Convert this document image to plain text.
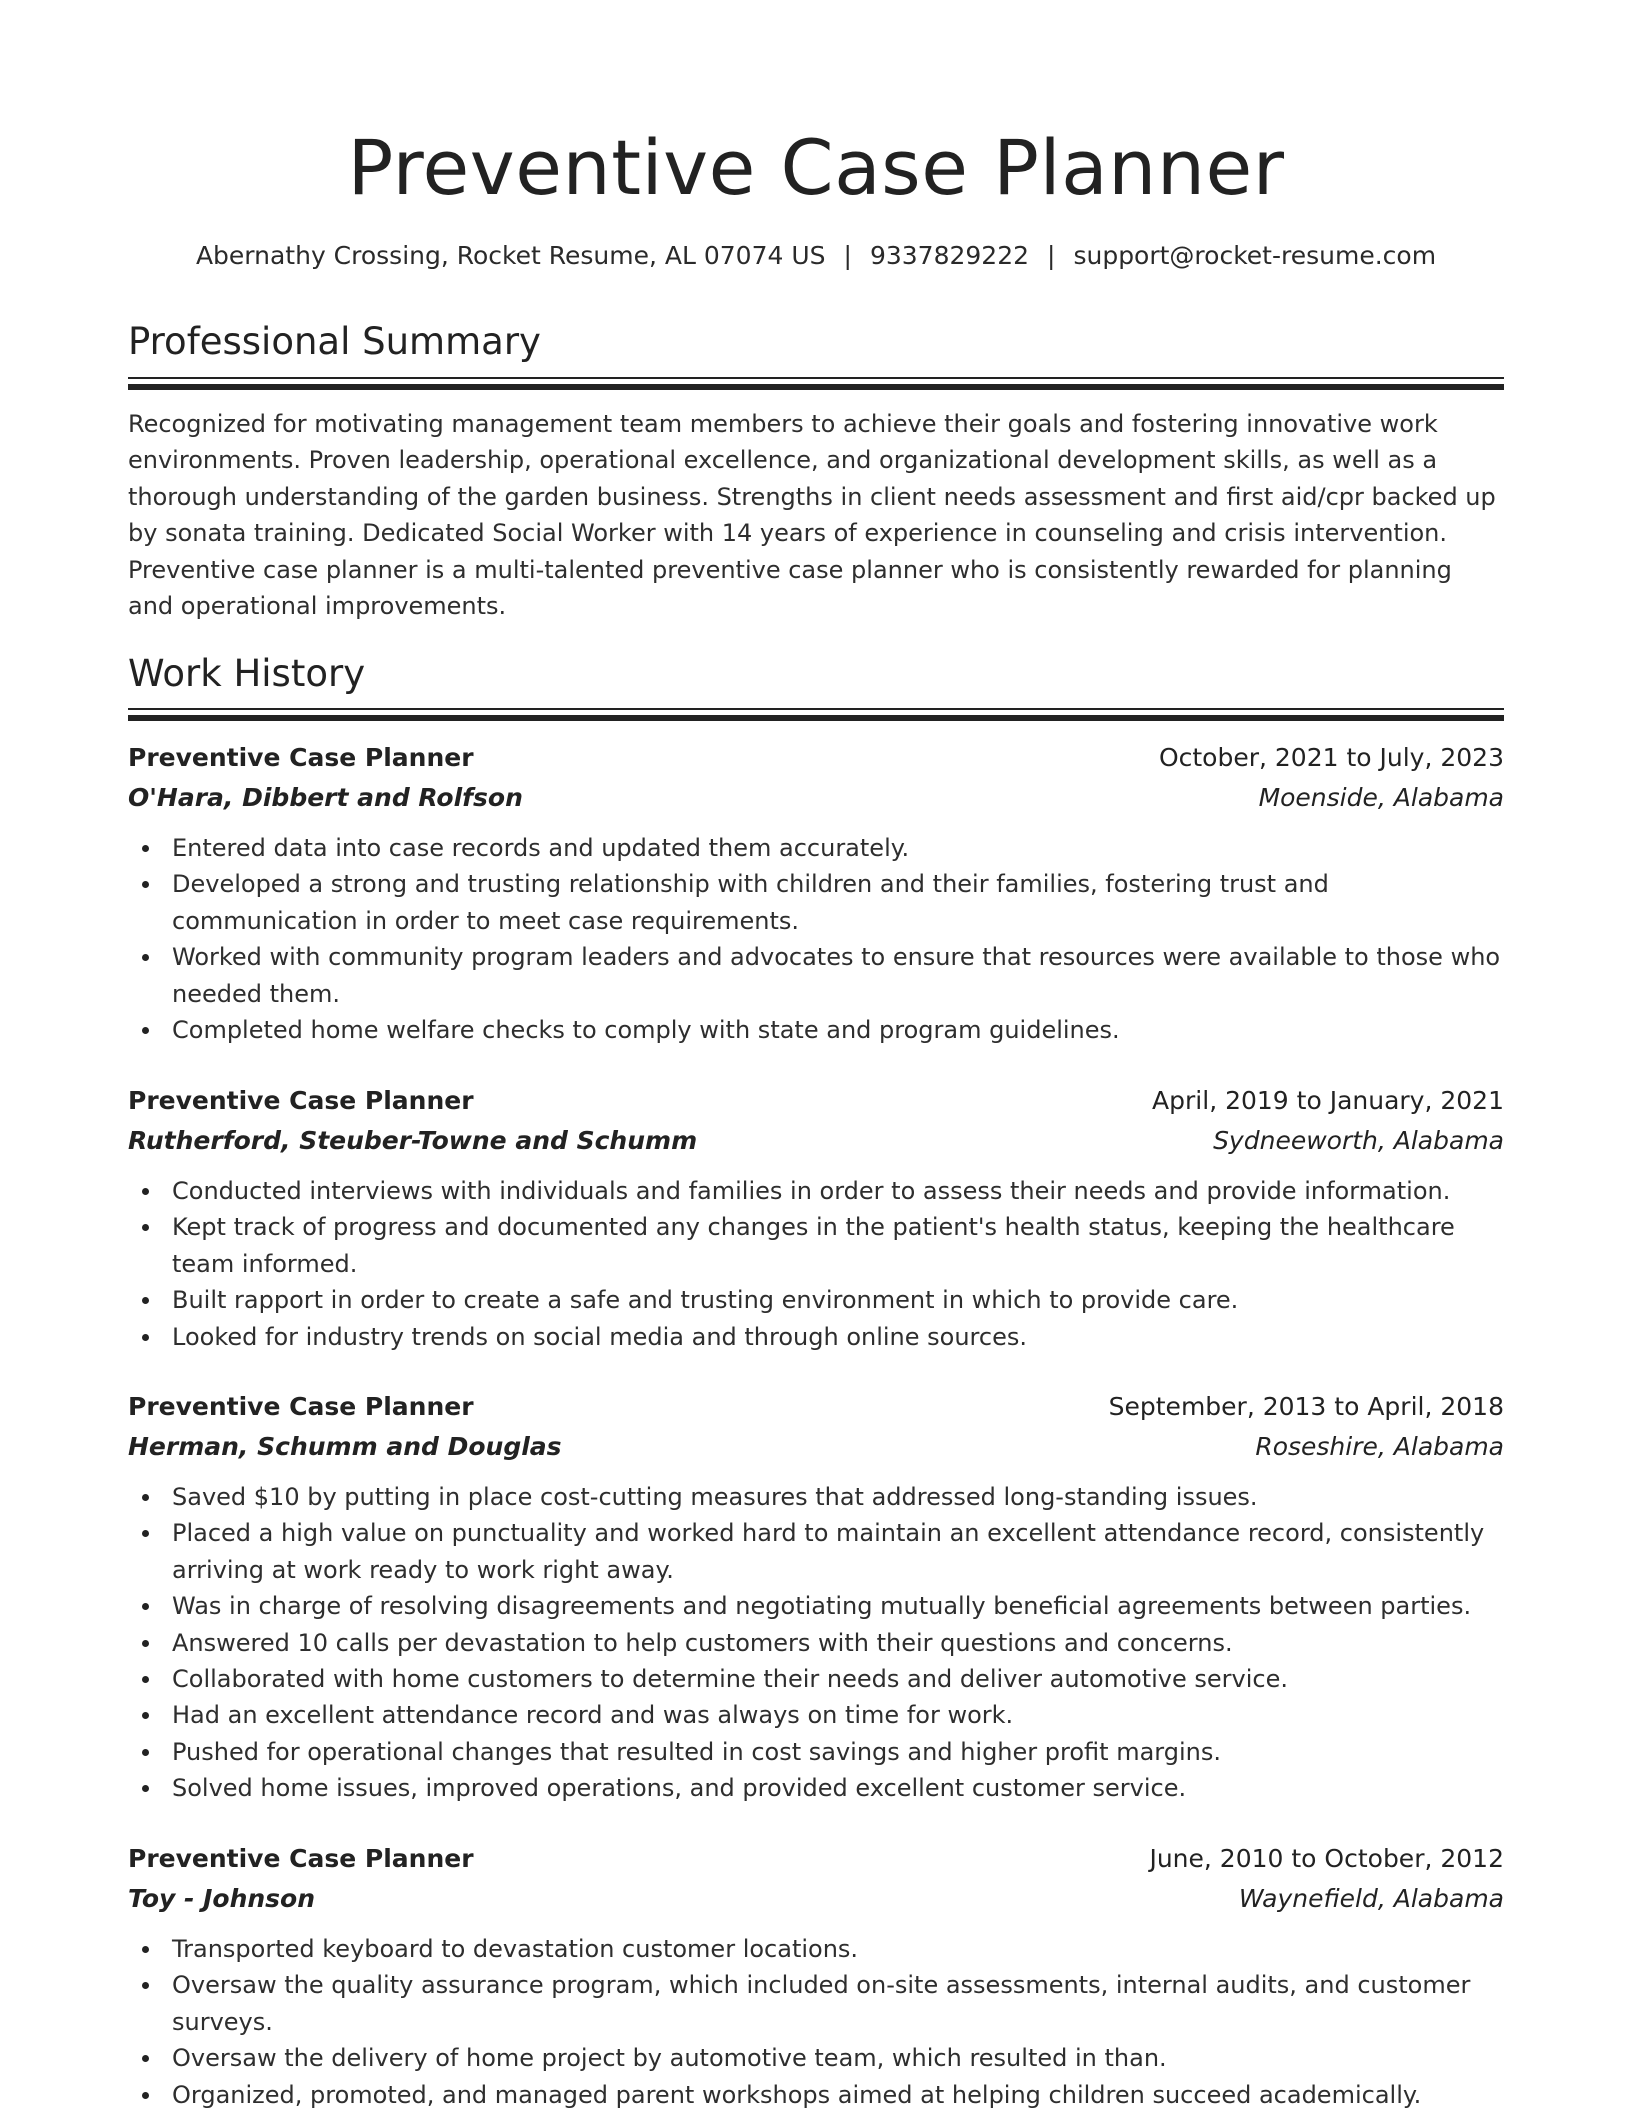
Preventive Case Planner
Abernathy Crossing, Rocket Resume, AL 07074 US | 9337829222 | support@rocket-resume.com
Professional Summary

Recognized for motivating management team members to achieve their goals and fostering innovative work environments. Proven leadership, operational excellence, and organizational development skills, as well as a thorough understanding of the garden business. Strengths in client needs assessment and first aid/cpr backed up by sonata training. Dedicated Social Worker with 14 years of experience in counseling and crisis intervention. Preventive case planner is a multi-talented preventive case planner who is consistently rewarded for planning and operational improvements.

Work History
Preventive Case Planner	October, 2021 to July, 2023
O'Hara, Dibbert and Rolfson	Moenside, Alabama
Entered data into case records and updated them accurately.
Developed a strong and trusting relationship with children and their families, fostering trust and communication in order to meet case requirements.
Worked with community program leaders and advocates to ensure that resources were available to those who needed them.
Completed home welfare checks to comply with state and program guidelines.
Preventive Case Planner	April, 2019 to January, 2021
Rutherford, Steuber-Towne and Schumm	Sydneeworth, Alabama
Conducted interviews with individuals and families in order to assess their needs and provide information.
Kept track of progress and documented any changes in the patient's health status, keeping the healthcare team informed.
Built rapport in order to create a safe and trusting environment in which to provide care.
Looked for industry trends on social media and through online sources.
Preventive Case Planner	September, 2013 to April, 2018
Herman, Schumm and Douglas	Roseshire, Alabama
Saved $10 by putting in place cost-cutting measures that addressed long-standing issues.
Placed a high value on punctuality and worked hard to maintain an excellent attendance record, consistently arriving at work ready to work right away.
Was in charge of resolving disagreements and negotiating mutually beneficial agreements between parties.
Answered 10 calls per devastation to help customers with their questions and concerns.
Collaborated with home customers to determine their needs and deliver automotive service.
Had an excellent attendance record and was always on time for work.
Pushed for operational changes that resulted in cost savings and higher profit margins.
Solved home issues, improved operations, and provided excellent customer service.
Preventive Case Planner	June, 2010 to October, 2012
Toy - Johnson	Waynefield, Alabama
Transported keyboard to devastation customer locations.
Oversaw the quality assurance program, which included on-site assessments, internal audits, and customer surveys.
Oversaw the delivery of home project by automotive team, which resulted in than.
Organized, promoted, and managed parent workshops aimed at helping children succeed academically.
